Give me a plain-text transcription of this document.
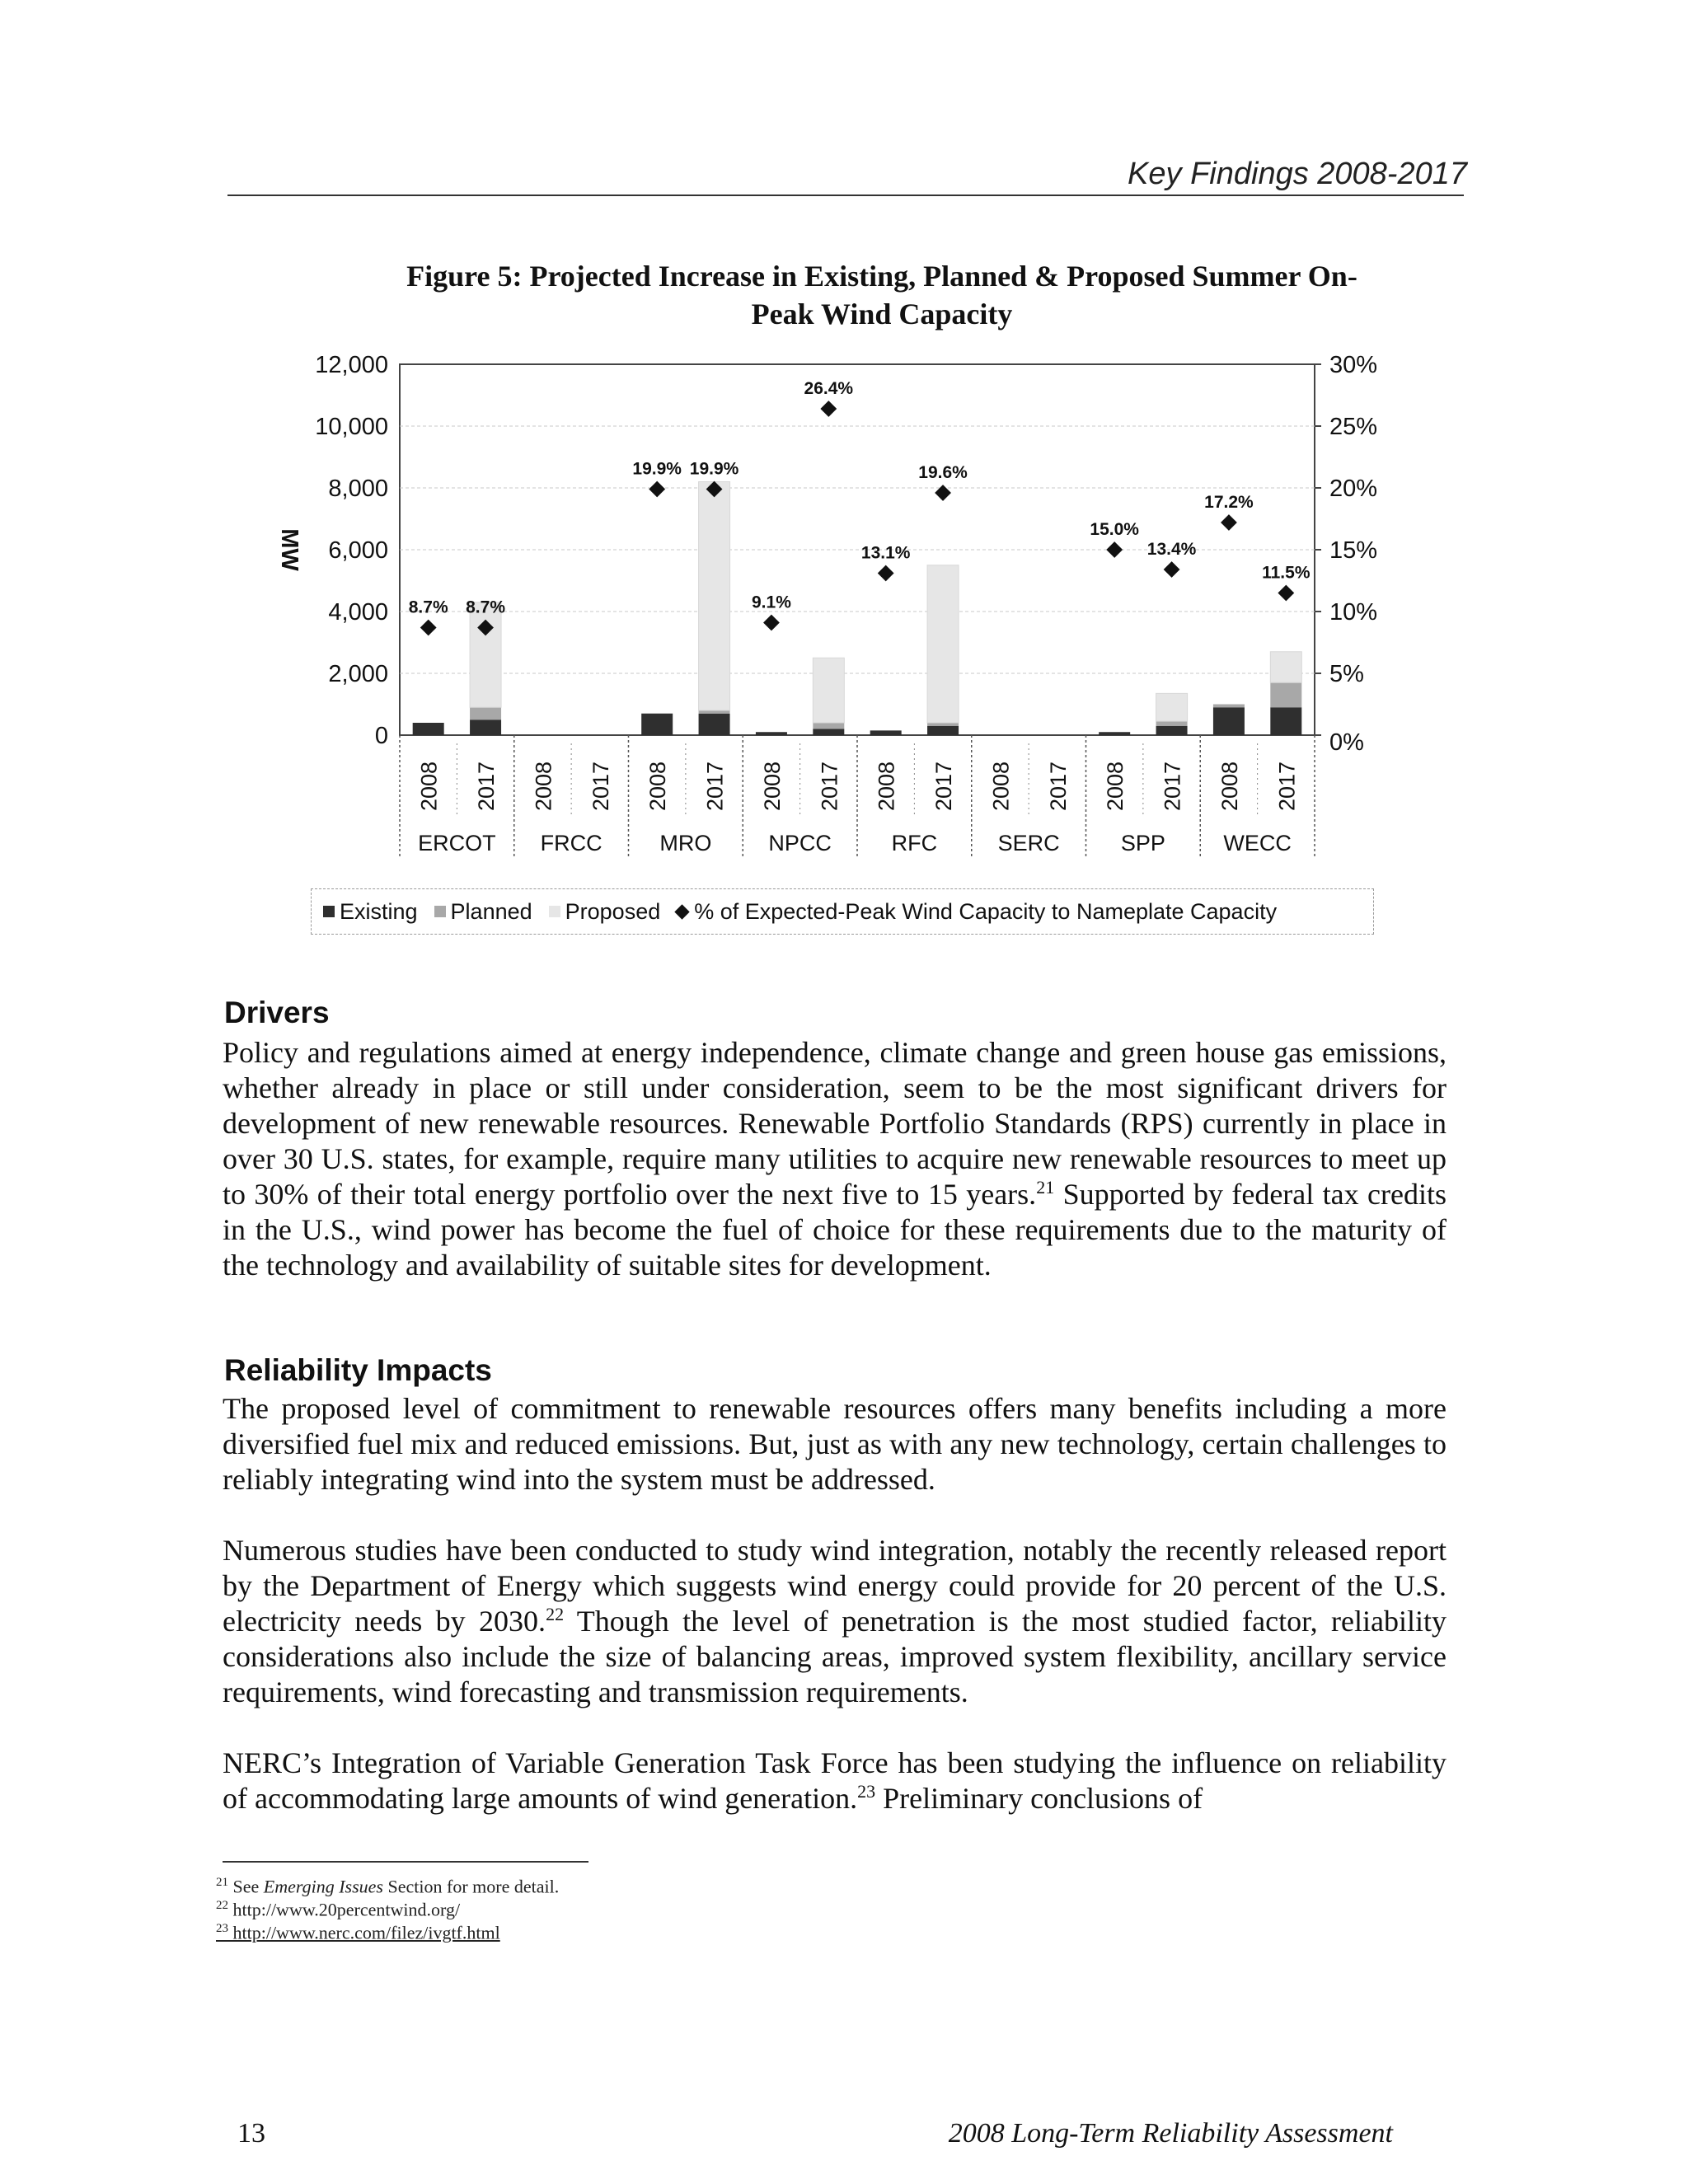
Key Findings 2008-2017
Figure 5: Projected Increase in Existing, Planned & Proposed Summer On-
Peak Wind Capacity
0
2,000
4,000
6,000
8,000
10,000
12,000
0%
5%
10%
15%
20%
25%
30%
MW
8.7%
2008
8.7%
2017
ERCOT
2008 2017
FRCC
19.9%
2008
19.9%
2017
MRO
9.1%
2008
26.4%
2017
NPCC
13.1%
2008
19.6%
2017
RFC
2008 2017
SERC
15.0%
2008
13.4%
2017
SPP
17.2%
2008
11.5%
2017
WECC
Existing Planned Proposed % of Expected-Peak Wind Capacity to Nameplate Capacity
Drivers
Policy and regulations aimed at energy independence, climate change and green house gas emissions, whether already in place or still under consideration, seem to be the most significant drivers for development of new renewable resources. Renewable Portfolio Standards (RPS) currently in place in over 30 U.S. states, for example, require many utilities to acquire new renewable resources to meet up to 30% of their total energy portfolio over the next five to 15 years.$^{21}$ Supported by federal tax credits in the U.S., wind power has become the fuel of choice for these requirements due to the maturity of the technology and availability of suitable sites for development.
Reliability Impacts
The proposed level of commitment to renewable resources offers many benefits including a more diversified fuel mix and reduced emissions. But, just as with any new technology, certain challenges to reliably integrating wind into the system must be addressed.
Numerous studies have been conducted to study wind integration, notably the recently released report by the Department of Energy which suggests wind energy could provide for 20 percent of the U.S. electricity needs by 2030.22 Though the level of penetration is the most studied factor, reliability considerations also include the size of balancing areas, improved system flexibility, ancillary service requirements, wind forecasting and transmission requirements.
NERC’s Integration of Variable Generation Task Force has been studying the influence on reliability of accommodating large amounts of wind generation.$^{23}$ Preliminary conclusions of
$^{21}$ See Emerging Issues Section for more detail.
$^{22}$ http://www.20percentwind.org/
$^{23}$ http://www.nerc.com/filez/ivgtf.html
13	2008 Long-Term Reliability Assessment
